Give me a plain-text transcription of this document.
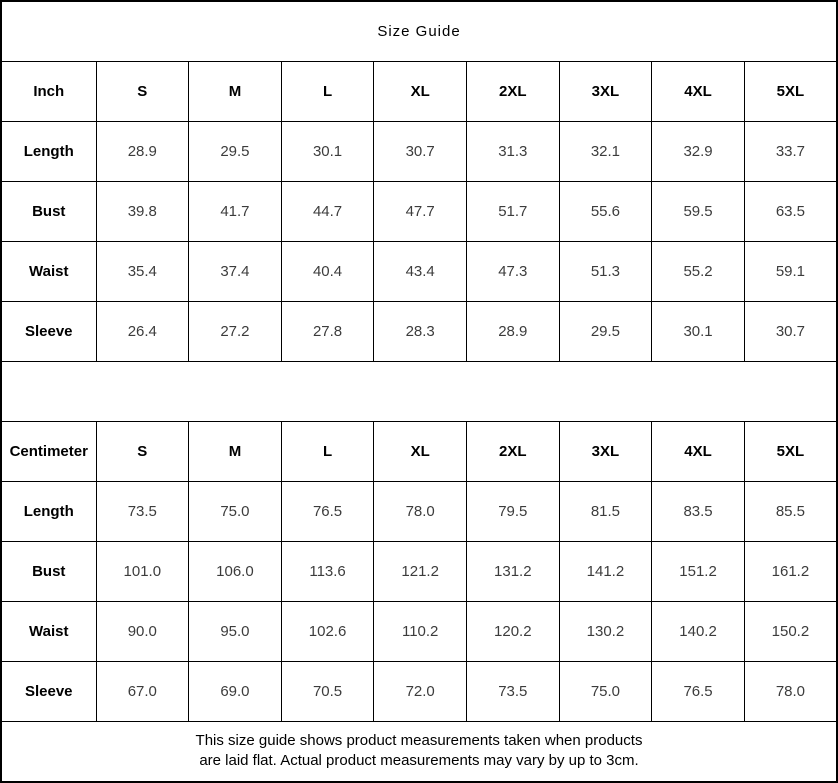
Size Guide								
Inch	S	M	L	XL	2XL	3XL	4XL	5XL
Length	28.9	29.5	30.1	30.7	31.3	32.1	32.9	33.7
Bust	39.8	41.7	44.7	47.7	51.7	55.6	59.5	63.5
Waist	35.4	37.4	40.4	43.4	47.3	51.3	55.2	59.1
Sleeve	26.4	27.2	27.8	28.3	28.9	29.5	30.1	30.7

Centimeter	S	M	L	XL	2XL	3XL	4XL	5XL
Length	73.5	75.0	76.5	78.0	79.5	81.5	83.5	85.5
Bust	101.0	106.0	113.6	121.2	131.2	141.2	151.2	161.2
Waist	90.0	95.0	102.6	110.2	120.2	130.2	140.2	150.2
Sleeve	67.0	69.0	70.5	72.0	73.5	75.0	76.5	78.0

This size guide shows product measurements taken when products
are laid flat. Actual product measurements may vary by up to 3cm.								
